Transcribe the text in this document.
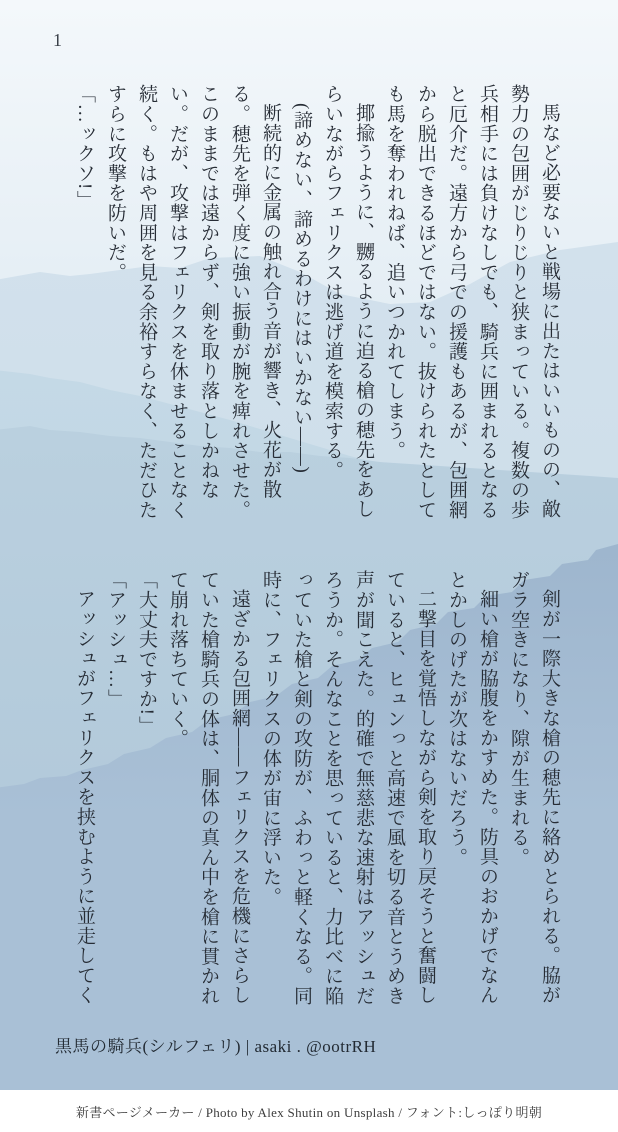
1

馬など必要ないと戦場に出たはいいものの、敵勢力の包囲がじりじりと狭まっている。複数の歩兵相手には負けなしでも、騎兵に囲まれるとなると厄介だ。遠方から弓での援護もあるが、包囲網から脱出できるほどではない。抜けられたとしても馬を奪われねば、追いつかれてしまう。

揶揄うように、嬲るように迫る槍の穂先をあしらいながらフェリクスは逃げ道を模索する。

(諦めない、諦めるわけにはいかない——)

断続的に金属の触れ合う音が響き、火花が散る。穂先を弾く度に強い振動が腕を痺れさせた。このままでは遠からず、剣を取り落としかねない。だが、攻撃はフェリクスを休ませることなく続く。もはや周囲を見る余裕すらなく、ただひたすらに攻撃を防いだ。

「…ックソ!」

剣が一際大きな槍の穂先に絡めとられる。脇がガラ空きになり、隙が生まれる。

細い槍が脇腹をかすめた。防具のおかげでなんとかしのげたが次はないだろう。

二撃目を覚悟しながら剣を取り戻そうと奮闘していると、ヒュンっと高速で風を切る音とうめき声が聞こえた。的確で無慈悲な速射はアッシュだろうか。そんなことを思っていると、力比べに陥っていた槍と剣の攻防が、ふわっと軽くなる。同時に、フェリクスの体が宙に浮いた。

遠ざかる包囲網——フェリクスを危機にさらしていた槍騎兵の体は、胴体の真ん中を槍に貫かれて崩れ落ちていく。

「大丈夫ですか!」

「アッシュ…」

アッシュがフェリクスを挟むように並走してく

黒馬の騎兵(シルフェリ) | asaki . @ootrRH
新書ページメーカー / Photo by Alex Shutin on Unsplash / フォント:しっぽり明朝
